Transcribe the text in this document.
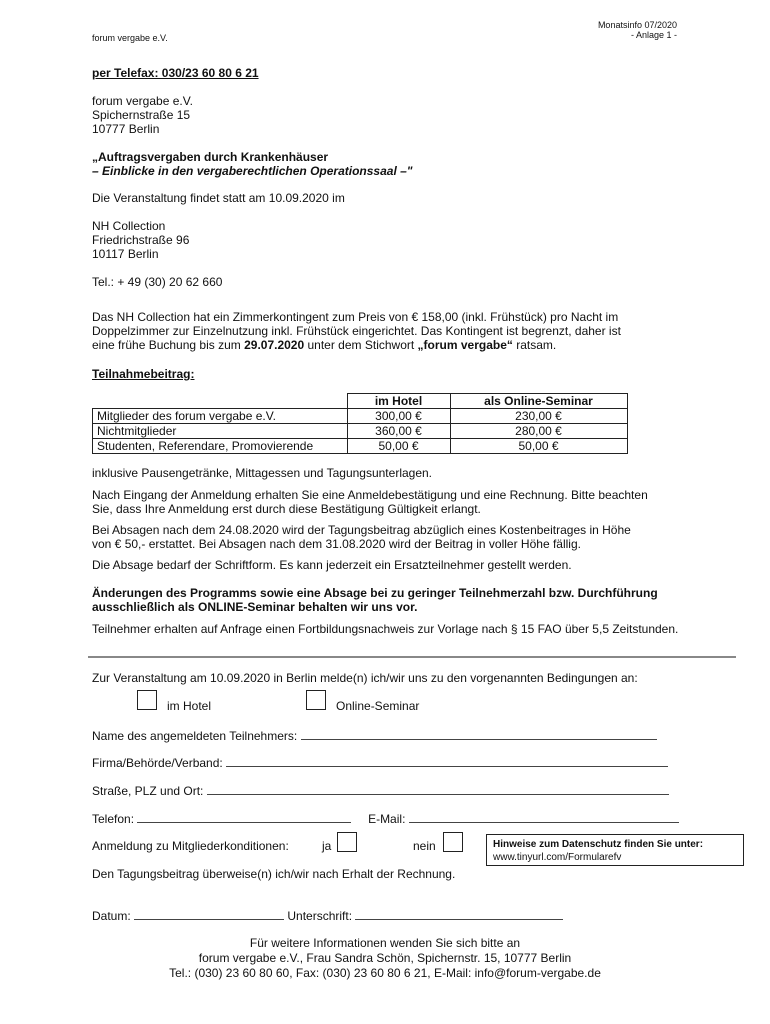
forum vergabe e.V.
Monatsinfo 07/2020
- Anlage 1 -
per Telefax: 030/23 60 80 6 21
forum vergabe e.V.
Spichernstraße 15
10777 Berlin
„Auftragsvergaben durch Krankenhäuser
– Einblicke in den vergaberechtlichen Operationssaal –"
Die Veranstaltung findet statt am 10.09.2020 im
NH Collection
Friedrichstraße 96
10117 Berlin
Tel.: + 49 (30) 20 62 660
Das NH Collection hat ein Zimmerkontingent zum Preis von € 158,00 (inkl. Frühstück) pro Nacht im
Doppelzimmer zur Einzelnutzung inkl. Frühstück eingerichtet. Das Kontingent ist begrenzt, daher ist
eine frühe Buchung bis zum 29.07.2020 unter dem Stichwort „forum vergabe“ ratsam.
Teilnahmebeitrag:
	im Hotel	als Online-Seminar
Mitglieder des forum vergabe e.V.	300,00 €	230,00 €
Nichtmitglieder	360,00 €	280,00 €
Studenten, Referendare, Promovierende	50,00 €	50,00 €
inklusive Pausengetränke, Mittagessen und Tagungsunterlagen.
Nach Eingang der Anmeldung erhalten Sie eine Anmeldebestätigung und eine Rechnung. Bitte beachten
Sie, dass Ihre Anmeldung erst durch diese Bestätigung Gültigkeit erlangt.
Bei Absagen nach dem 24.08.2020 wird der Tagungsbeitrag abzüglich eines Kostenbeitrages in Höhe
von € 50,- erstattet. Bei Absagen nach dem 31.08.2020 wird der Beitrag in voller Höhe fällig.
Die Absage bedarf der Schriftform. Es kann jederzeit ein Ersatzteilnehmer gestellt werden.
Änderungen des Programms sowie eine Absage bei zu geringer Teilnehmerzahl bzw. Durchführung
ausschließlich als ONLINE-Seminar behalten wir uns vor.
Teilnehmer erhalten auf Anfrage einen Fortbildungsnachweis zur Vorlage nach § 15 FAO über 5,5 Zeitstunden.
Zur Veranstaltung am 10.09.2020 in Berlin melde(n) ich/wir uns zu den vorgenannten Bedingungen an:
im Hotel	Online-Seminar
Name des angemeldeten Teilnehmers:
Firma/Behörde/Verband:
Straße, PLZ und Ort:
Telefon:	E-Mail:
Anmeldung zu Mitgliederkonditionen:	ja	nein	Hinweise zum Datenschutz finden Sie unter:
www.tinyurl.com/Formularefv
Den Tagungsbeitrag überweise(n) ich/wir nach Erhalt der Rechnung.
Datum:	Unterschrift:
Für weitere Informationen wenden Sie sich bitte an
forum vergabe e.V., Frau Sandra Schön, Spichernstr. 15, 10777 Berlin
Tel.: (030) 23 60 80 60, Fax: (030) 23 60 80 6 21, E-Mail: info@forum-vergabe.de
